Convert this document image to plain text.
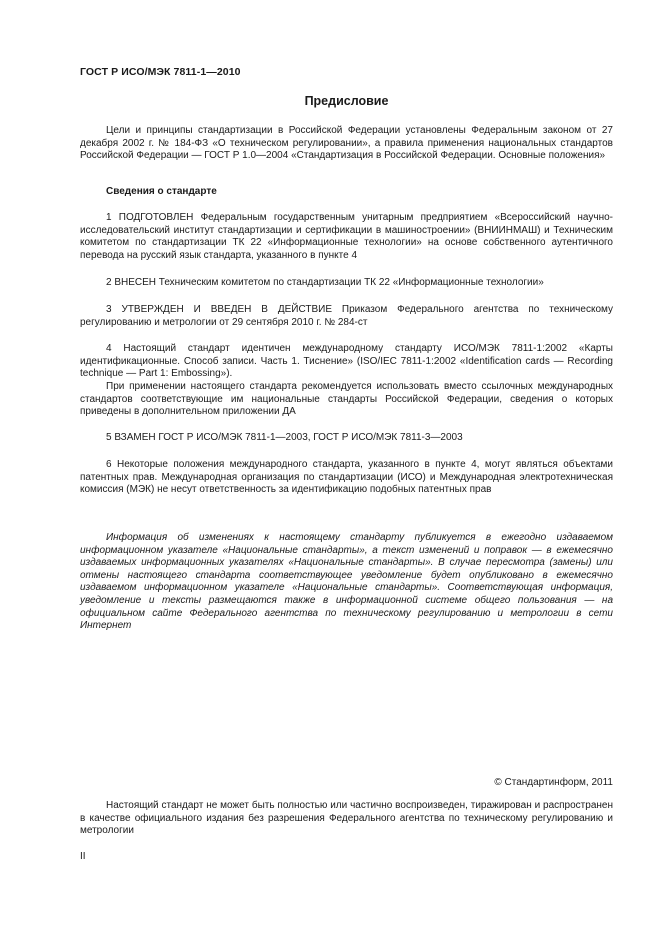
ГОСТ Р ИСО/МЭК 7811-1—2010
Предисловие

Цели и принципы стандартизации в Российской Федерации установлены Федеральным законом от 27 декабря 2002 г. № 184-ФЗ «О техническом регулировании», а правила применения национальных стандартов Российской Федерации — ГОСТ Р 1.0—2004 «Стандартизация в Российской Федерации. Основные положения»

Сведения о стандарте

1 ПОДГОТОВЛЕН Федеральным государственным унитарным предприятием «Всероссийский научно-исследовательский институт стандартизации и сертификации в машиностроении» (ВНИИНМАШ) и Техническим комитетом по стандартизации ТК 22 «Информационные технологии» на основе собственного аутентичного перевода на русский язык стандарта, указанного в пункте 4

2 ВНЕСЕН Техническим комитетом по стандартизации ТК 22 «Информационные технологии»

3 УТВЕРЖДЕН И ВВЕДЕН В ДЕЙСТВИЕ Приказом Федерального агентства по техническому регулированию и метрологии от 29 сентября 2010 г. № 284-ст

4 Настоящий стандарт идентичен международному стандарту ИСО/МЭК 7811-1:2002 «Карты идентификационные. Способ записи. Часть 1. Тиснение» (ISO/IEC 7811-1:2002 «Identification cards — Recording technique — Part 1: Embossing»).

При применении настоящего стандарта рекомендуется использовать вместо ссылочных международных стандартов соответствующие им национальные стандарты Российской Федерации, сведения о которых приведены в дополнительном приложении ДА

5 ВЗАМЕН ГОСТ Р ИСО/МЭК 7811-1—2003, ГОСТ Р ИСО/МЭК 7811-3—2003

6 Некоторые положения международного стандарта, указанного в пункте 4, могут являться объектами патентных прав. Международная организация по стандартизации (ИСО) и Международная электротехническая комиссия (МЭК) не несут ответственность за идентификацию подобных патентных прав

Информация об изменениях к настоящему стандарту публикуется в ежегодно издаваемом информационном указателе «Национальные стандарты», а текст изменений и поправок — в ежемесячно издаваемых информационных указателях «Национальные стандарты». В случае пересмотра (замены) или отмены настоящего стандарта соответствующее уведомление будет опубликовано в ежемесячно издаваемом информационном указателе «Национальные стандарты». Соответствующая информация, уведомление и тексты размещаются также в информационной системе общего пользования — на официальном сайте Федерального агентства по техническому регулированию и метрологии в сети Интернет

© Стандартинформ, 2011

Настоящий стандарт не может быть полностью или частично воспроизведен, тиражирован и распространен в качестве официального издания без разрешения Федерального агентства по техническому регулированию и метрологии

II
